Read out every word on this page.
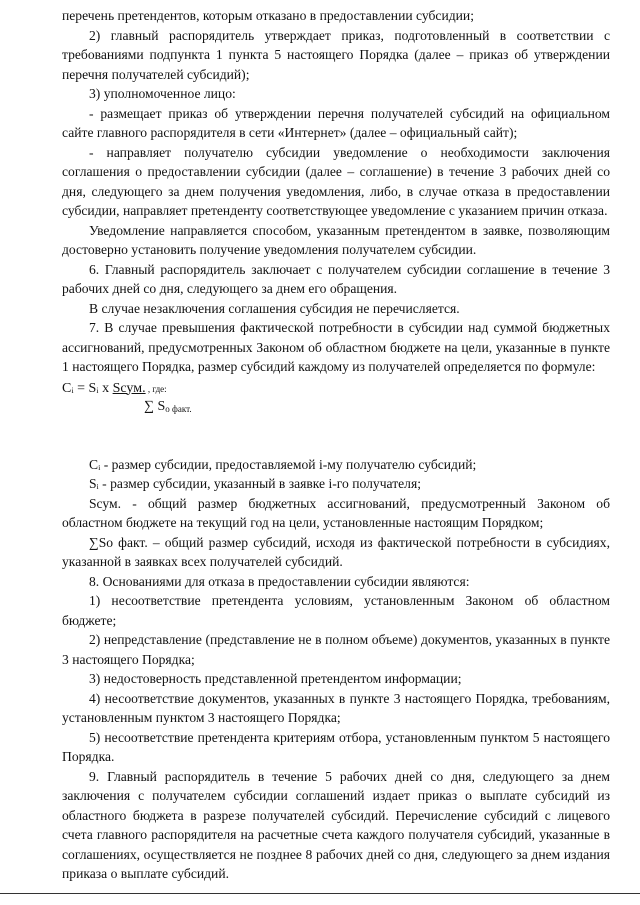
перечень претендентов, которым отказано в предоставлении субсидии;

2) главный распорядитель утверждает приказ, подготовленный в соответствии с требованиями подпункта 1 пункта 5 настоящего Порядка (далее – приказ об утверждении перечня получателей субсидий);

3) уполномоченное лицо:

- размещает приказ об утверждении перечня получателей субсидий на официальном сайте главного распорядителя в сети «Интернет» (далее – официальный сайт);

- направляет получателю субсидии уведомление о необходимости заключения соглашения о предоставлении субсидии (далее – соглашение) в течение 3 рабочих дней со дня, следующего за днем получения уведомления, либо, в случае отказа в предоставлении субсидии, направляет претенденту соответствующее уведомление с указанием причин отказа.

Уведомление направляется способом, указанным претендентом в заявке, позволяющим достоверно установить получение уведомления получателем субсидии.

6. Главный распорядитель заключает с получателем субсидии соглашение в течение 3 рабочих дней со дня, следующего за днем его обращения.

В случае незаключения соглашения субсидия не перечисляется.

7. В случае превышения фактической потребности в субсидии над суммой бюджетных ассигнований, предусмотренных Законом об областном бюджете на цели, указанные в пункте 1 настоящего Порядка, размер субсидий каждому из получателей определяется по формуле:

Cᵢ = Sᵢ x Sсум. , где:
∑ $S_{о факт.}$

Cᵢ - размер субсидии, предоставляемой i-му получателю субсидий;

Sᵢ - размер субсидии, указанный в заявке i-го получателя;

Sсум. - общий размер бюджетных ассигнований, предусмотренный Законом об областном бюджете на текущий год на цели, установленные настоящим Порядком;

∑Sо факт. – общий размер субсидий, исходя из фактической потребности в субсидиях, указанной в заявках всех получателей субсидий.

8. Основаниями для отказа в предоставлении субсидии являются:

1) несоответствие претендента условиям, установленным Законом об областном бюджете;

2) непредставление (представление не в полном объеме) документов, указанных в пункте 3 настоящего Порядка;

3) недостоверность представленной претендентом информации;

4) несоответствие документов, указанных в пункте 3 настоящего Порядка, требованиям, установленным пунктом 3 настоящего Порядка;

5) несоответствие претендента критериям отбора, установленным пунктом 5 настоящего Порядка.

9. Главный распорядитель в течение 5 рабочих дней со дня, следующего за днем заключения с получателем субсидии соглашений издает приказ о выплате субсидий из областного бюджета в разрезе получателей субсидий. Перечисление субсидий с лицевого счета главного распорядителя на расчетные счета каждого получателя субсидий, указанные в соглашениях, осуществляется не позднее 8 рабочих дней со дня, следующего за днем издания приказа о выплате субсидий.
